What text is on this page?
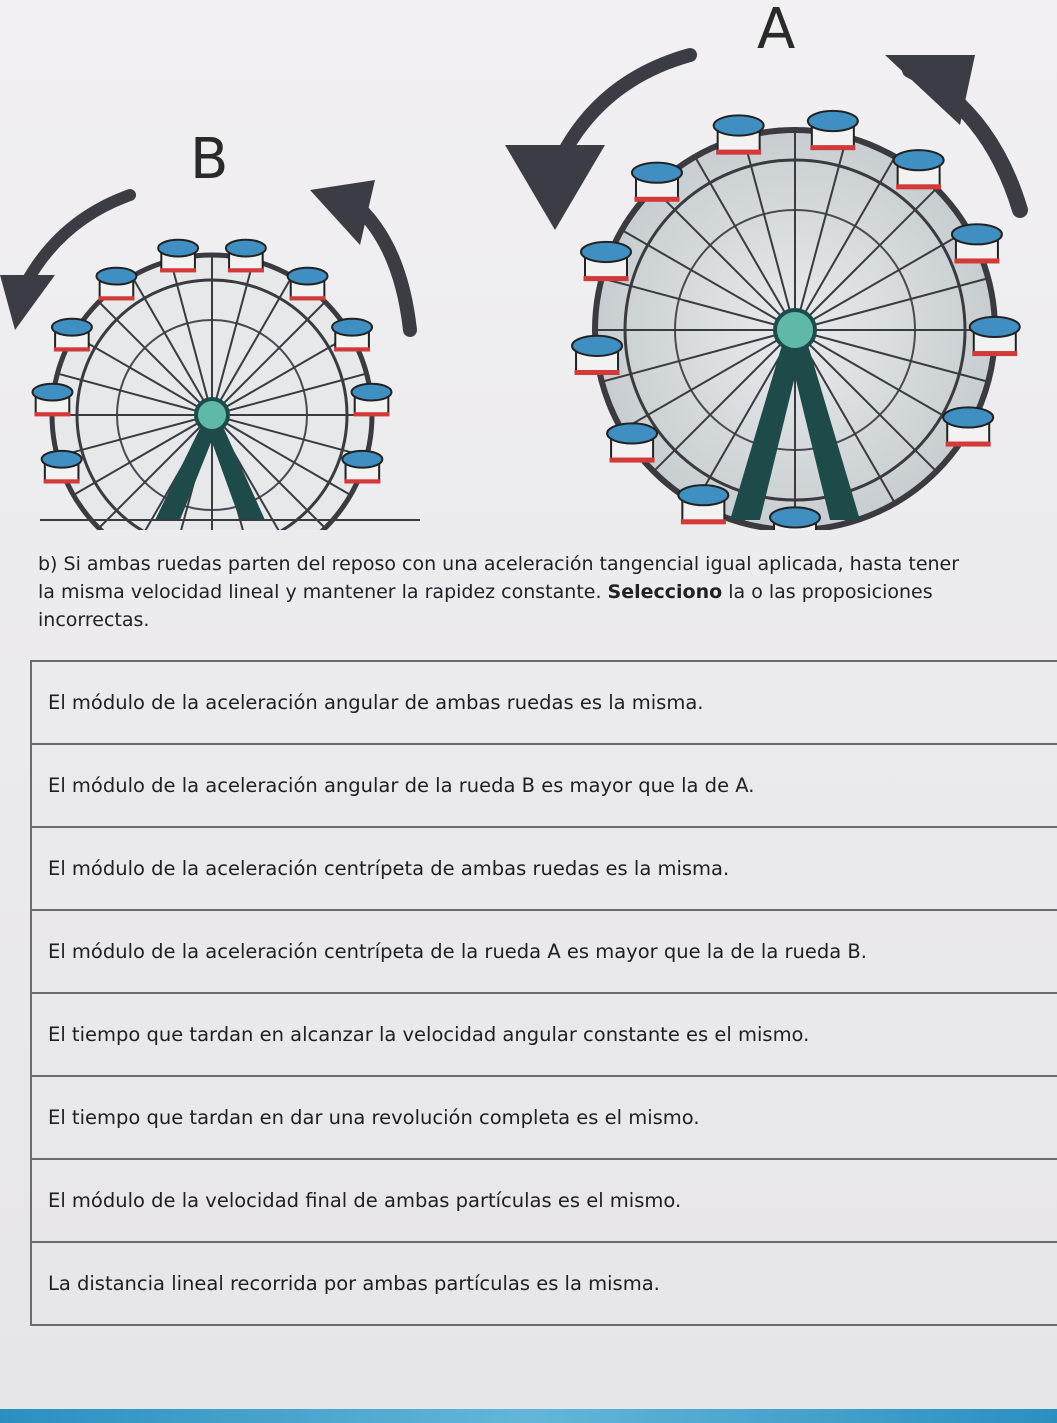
A
B
b) Si ambas ruedas parten del reposo con una aceleración tangencial igual aplicada, hasta tener
la misma velocidad lineal y mantener la rapidez constante. Selecciono la o las proposiciones
incorrectas.
El módulo de la aceleración angular de ambas ruedas es la misma.
El módulo de la aceleración angular de la rueda B es mayor que la de A.
El módulo de la aceleración centrípeta de ambas ruedas es la misma.
El módulo de la aceleración centrípeta de la rueda A es mayor que la de la rueda B.
El tiempo que tardan en alcanzar la velocidad angular constante es el mismo.
El tiempo que tardan en dar una revolución completa es el mismo.
El módulo de la velocidad final de ambas partículas es el mismo.
La distancia lineal recorrida por ambas partículas es la misma.
